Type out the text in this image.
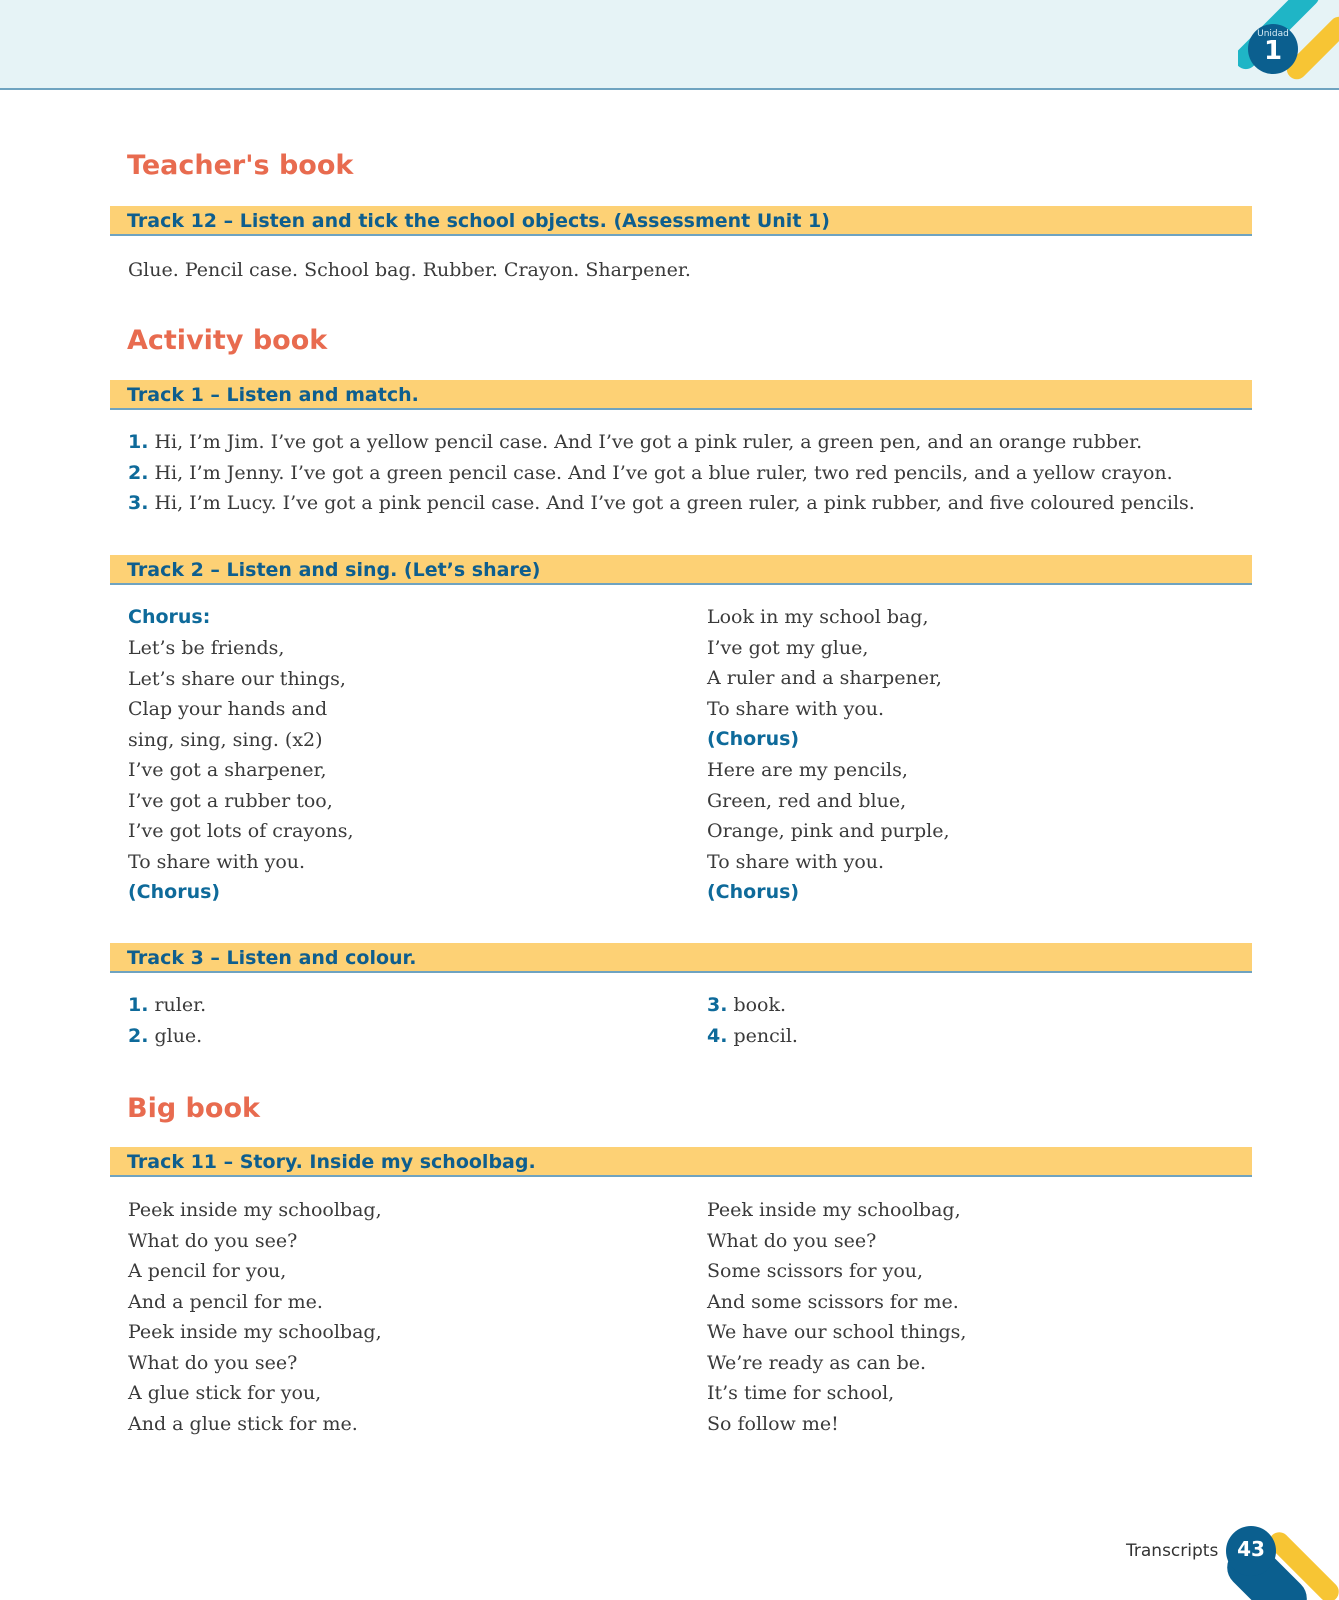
Unidad
1
Teacher's book
Track 12 – Listen and tick the school objects. (Assessment Unit 1)
Glue. Pencil case. School bag. Rubber. Crayon. Sharpener.
Activity book
Track 1 – Listen and match.
1. Hi, I’m Jim. I’ve got a yellow pencil case. And I’ve got a pink ruler, a green pen, and an orange rubber.
2. Hi, I’m Jenny. I’ve got a green pencil case. And I’ve got a blue ruler, two red pencils, and a yellow crayon.
3. Hi, I’m Lucy. I’ve got a pink pencil case. And I’ve got a green ruler, a pink rubber, and five coloured pencils.
Track 2 – Listen and sing. (Let’s share)
Chorus:
Let’s be friends,
Let’s share our things,
Clap your hands and
sing, sing, sing. (x2)
I’ve got a sharpener,
I’ve got a rubber too,
I’ve got lots of crayons,
To share with you.
(Chorus)
Look in my school bag,
I’ve got my glue,
A ruler and a sharpener,
To share with you.
(Chorus)
Here are my pencils,
Green, red and blue,
Orange, pink and purple,
To share with you.
(Chorus)
Track 3 – Listen and colour.
1. ruler.
2. glue.
3. book.
4. pencil.
Big book
Track 11 – Story. Inside my schoolbag.
Peek inside my schoolbag,
What do you see?
A pencil for you,
And a pencil for me.
Peek inside my schoolbag,
What do you see?
A glue stick for you,
And a glue stick for me.
Peek inside my schoolbag,
What do you see?
Some scissors for you,
And some scissors for me.
We have our school things,
We’re ready as can be.
It’s time for school,
So follow me!
Transcripts 43
